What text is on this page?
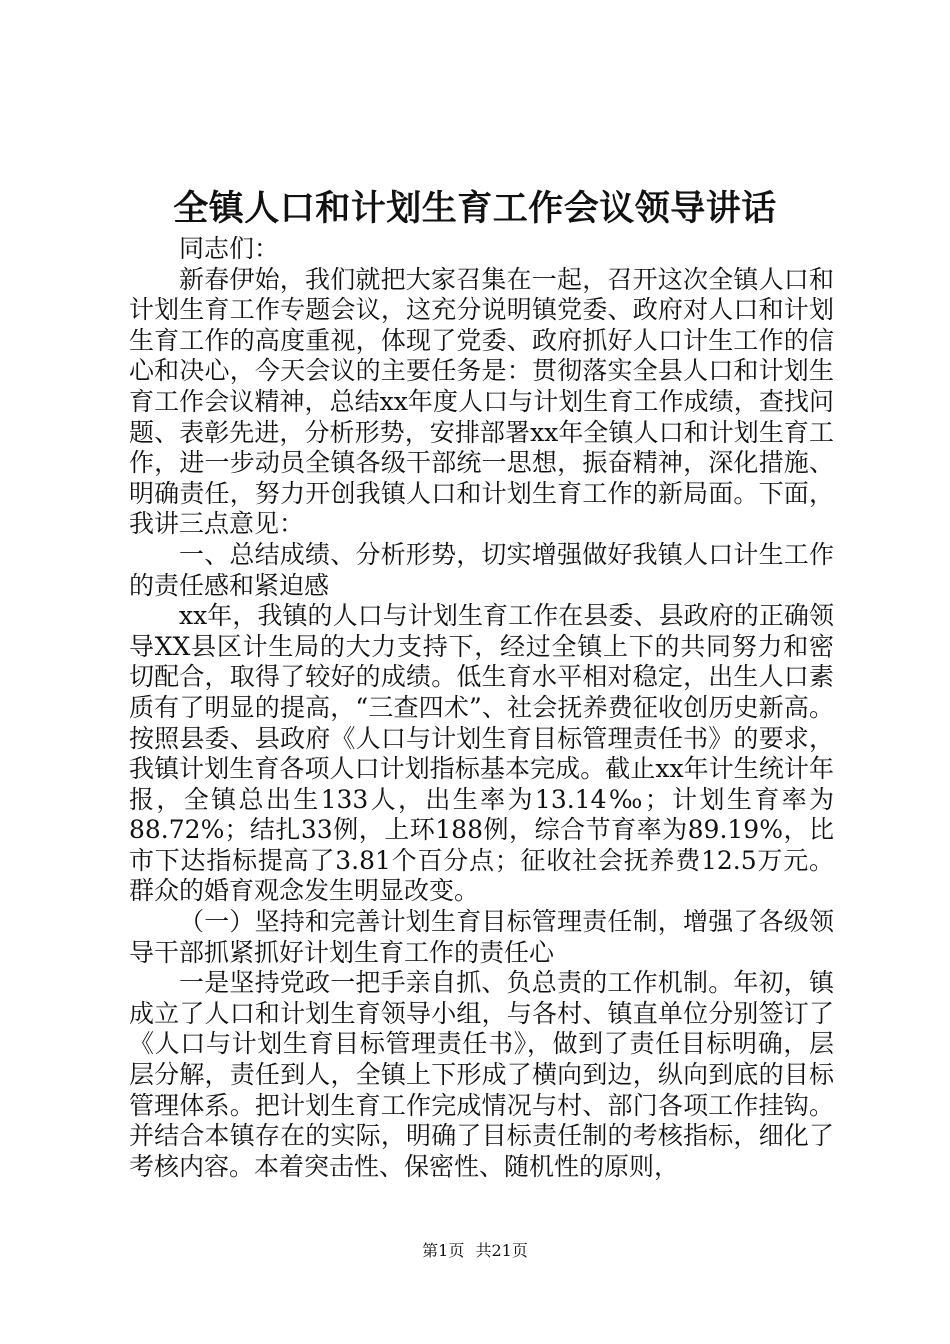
全镇人口和计划生育工作会议领导讲话

同志们：

新春伊始，我们就把大家召集在一起，召开这次全镇人口和计划生育工作专题会议，这充分说明镇党委、政府对人口和计划生育工作的高度重视，体现了党委、政府抓好人口计生工作的信心和决心，今天会议的主要任务是：贯彻落实全县人口和计划生育工作会议精神，总结xx年度人口与计划生育工作成绩，查找问题、表彰先进，分析形势，安排部署xx年全镇人口和计划生育工作，进一步动员全镇各级干部统一思想，振奋精神，深化措施、明确责任，努力开创我镇人口和计划生育工作的新局面。下面，我讲三点意见：

一、总结成绩、分析形势，切实增强做好我镇人口计生工作的责任感和紧迫感

xx年，我镇的人口与计划生育工作在县委、县政府的正确领导XX县区计生局的大力支持下，经过全镇上下的共同努力和密切配合，取得了较好的成绩。低生育水平相对稳定，出生人口素质有了明显的提高，“三查四术”、社会抚养费征收创历史新高。按照县委、县政府《人口与计划生育目标管理责任书》的要求，我镇计划生育各项人口计划指标基本完成。截止xx年计生统计年报，全镇总出生133人，出生率为13.14‰；计划生育率为88.72%；结扎33例，上环188例，综合节育率为89.19%，比市下达指标提高了3.81个百分点；征收社会抚养费12.5万元。群众的婚育观念发生明显改变。

（一）坚持和完善计划生育目标管理责任制，增强了各级领导干部抓紧抓好计划生育工作的责任心

一是坚持党政一把手亲自抓、负总责的工作机制。年初，镇成立了人口和计划生育领导小组，与各村、镇直单位分别签订了《人口与计划生育目标管理责任书》，做到了责任目标明确，层层分解，责任到人，全镇上下形成了横向到边，纵向到底的目标管理体系。把计划生育工作完成情况与村、部门各项工作挂钩。并结合本镇存在的实际，明确了目标责任制的考核指标，细化了考核内容。本着突击性、保密性、随机性的原则，

第1页 共21页
